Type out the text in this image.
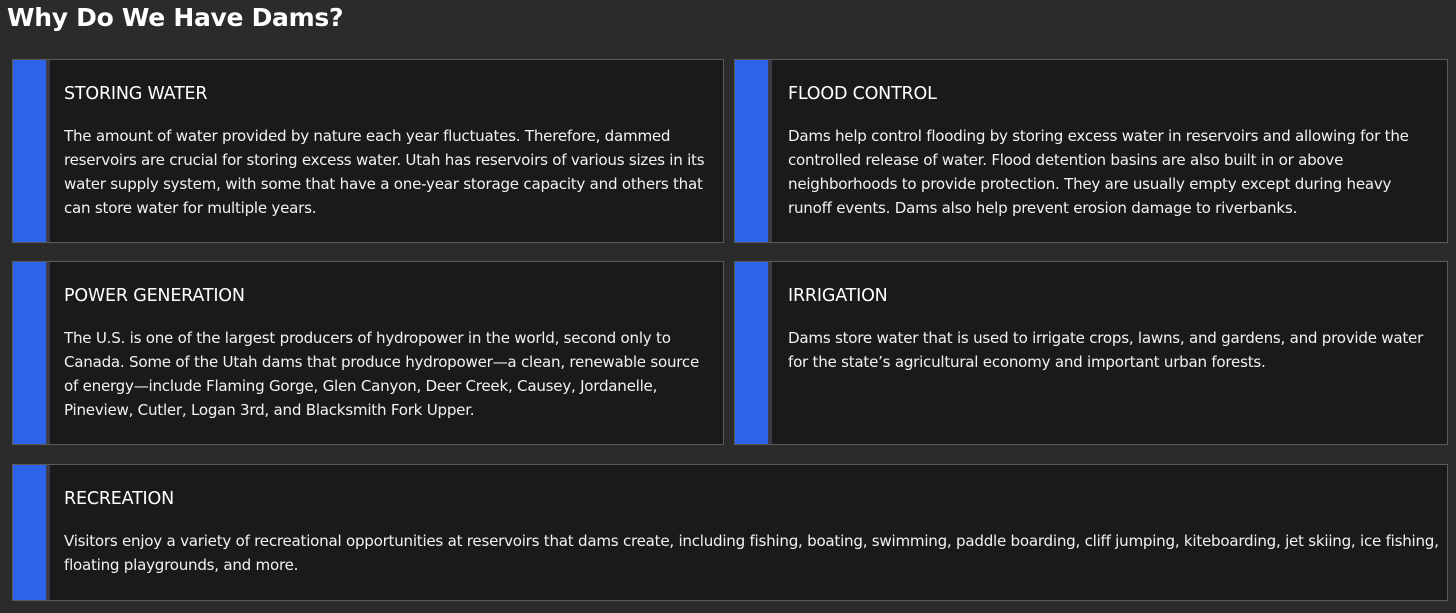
Why Do We Have Dams?
STORING WATER

The amount of water provided by nature each year fluctuates. Therefore, dammed reservoirs are crucial for storing excess water. Utah has reservoirs of various sizes in its water supply system, with some that have a one-year storage capacity and others that can store water for multiple years.

FLOOD CONTROL

Dams help control flooding by storing excess water in reservoirs and allowing for the controlled release of water. Flood detention basins are also built in or above neighborhoods to provide protection. They are usually empty except during heavy runoff events. Dams also help prevent erosion damage to riverbanks.

POWER GENERATION

The U.S. is one of the largest producers of hydropower in the world, second only to Canada. Some of the Utah dams that produce hydropower—a clean, renewable source of energy—include Flaming Gorge, Glen Canyon, Deer Creek, Causey, Jordanelle, Pineview, Cutler, Logan 3rd, and Blacksmith Fork Upper.

IRRIGATION

Dams store water that is used to irrigate crops, lawns, and gardens, and provide water for the state’s agricultural economy and important urban forests.

RECREATION

Visitors enjoy a variety of recreational opportunities at reservoirs that dams create, including fishing, boating, swimming, paddle boarding, cliff jumping, kiteboarding, jet skiing, ice fishing, floating playgrounds, and more.
